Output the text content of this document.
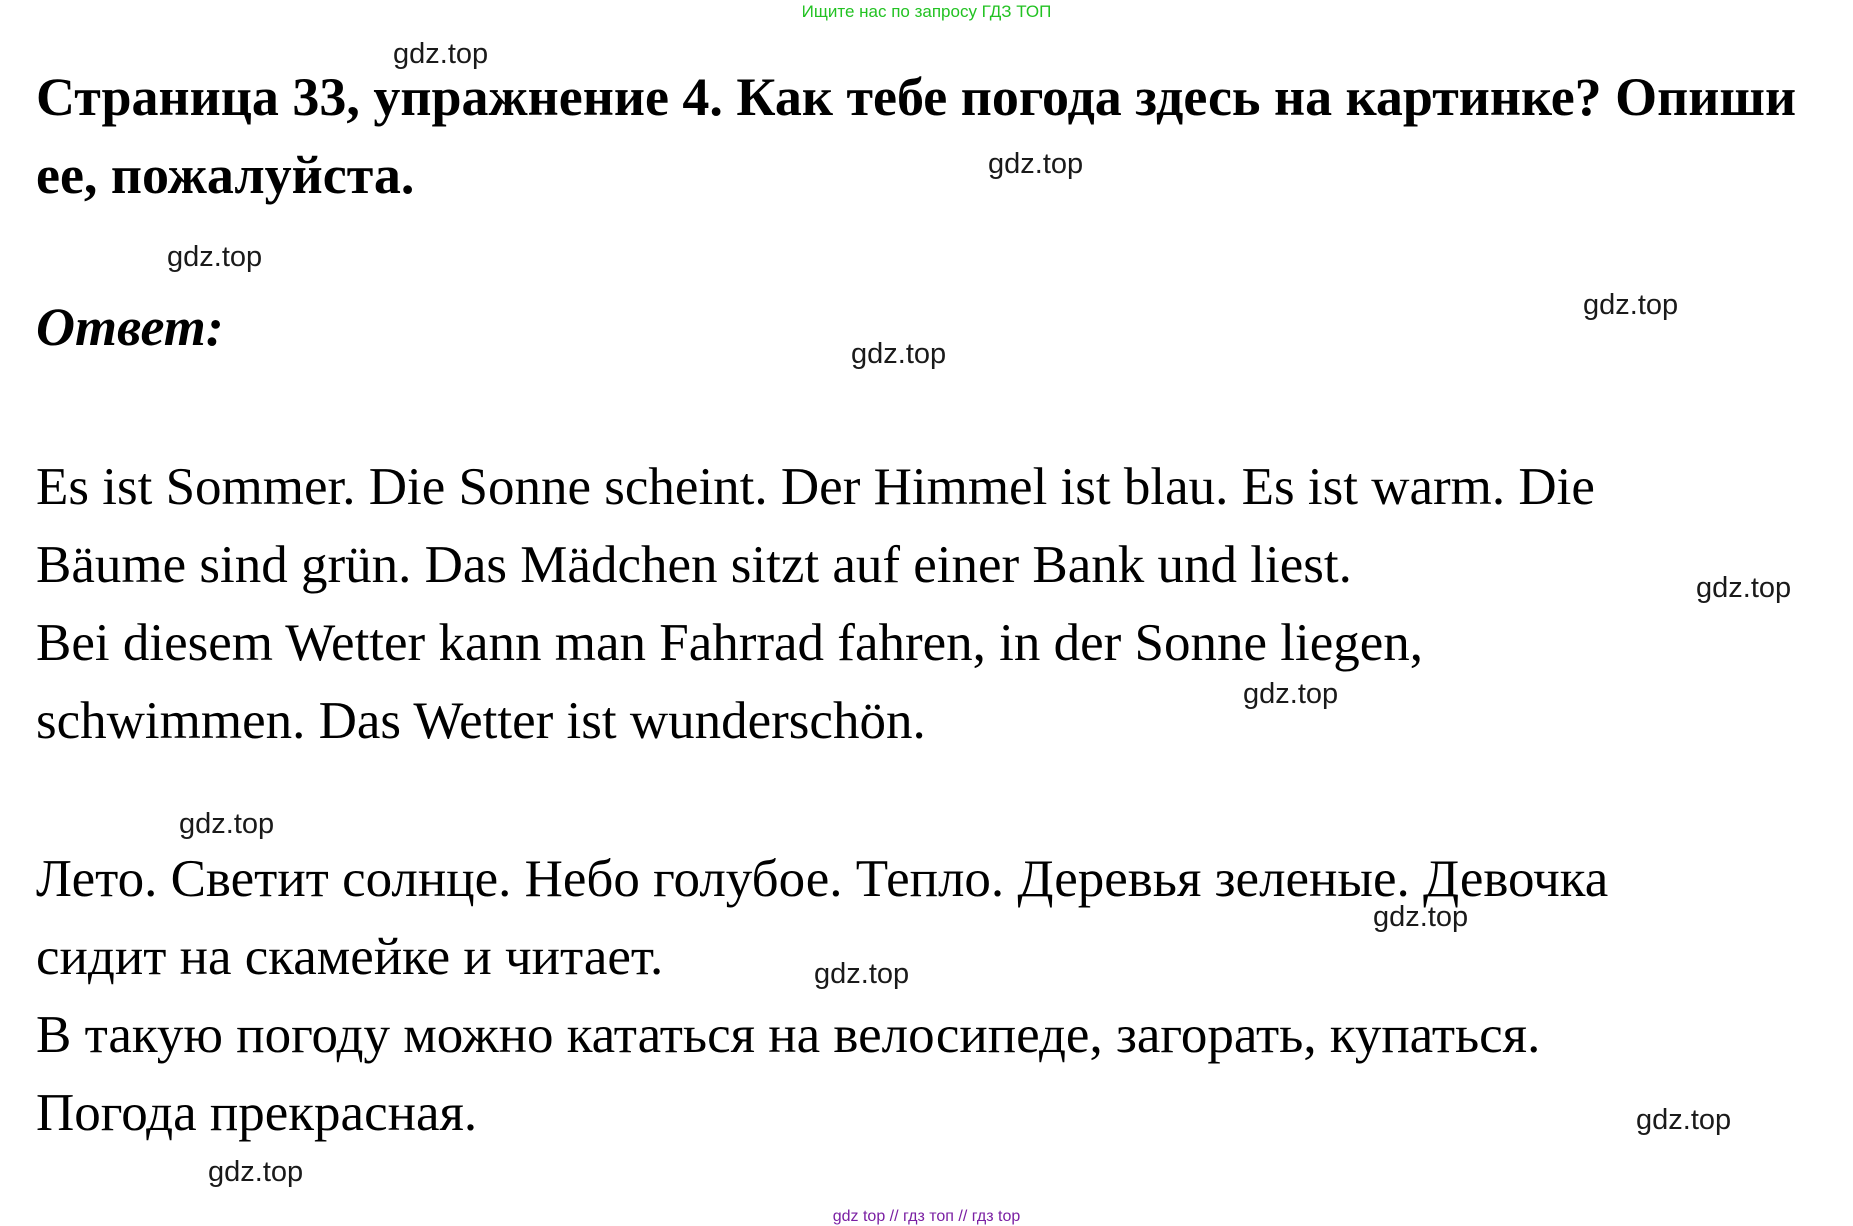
Ищите нас по запросу ГДЗ ТОП

Страница 33, упражнение 4. Как тебе погода здесь на картинке? Опиши ее, пожалуйста.
Ответ:

Es ist Sommer. Die Sonne scheint. Der Himmel ist blau. Es ist warm. Die
Bäume sind grün. Das Mädchen sitzt auf einer Bank und liest.
Bei diesem Wetter kann man Fahrrad fahren, in der Sonne liegen,
schwimmen. Das Wetter ist wunderschön.

Лето. Светит солнце. Небо голубое. Тепло. Деревья зеленые. Девочка
сидит на скамейке и читает.
В такую погоду можно кататься на велосипеде, загорать, купаться.
Погода прекрасная.

gdz.top
gdz.top
gdz.top
gdz.top
gdz.top
gdz.top
gdz.top
gdz.top
gdz.top
gdz.top
gdz.top
gdz.top
gdz top // гдз топ // гдз top
